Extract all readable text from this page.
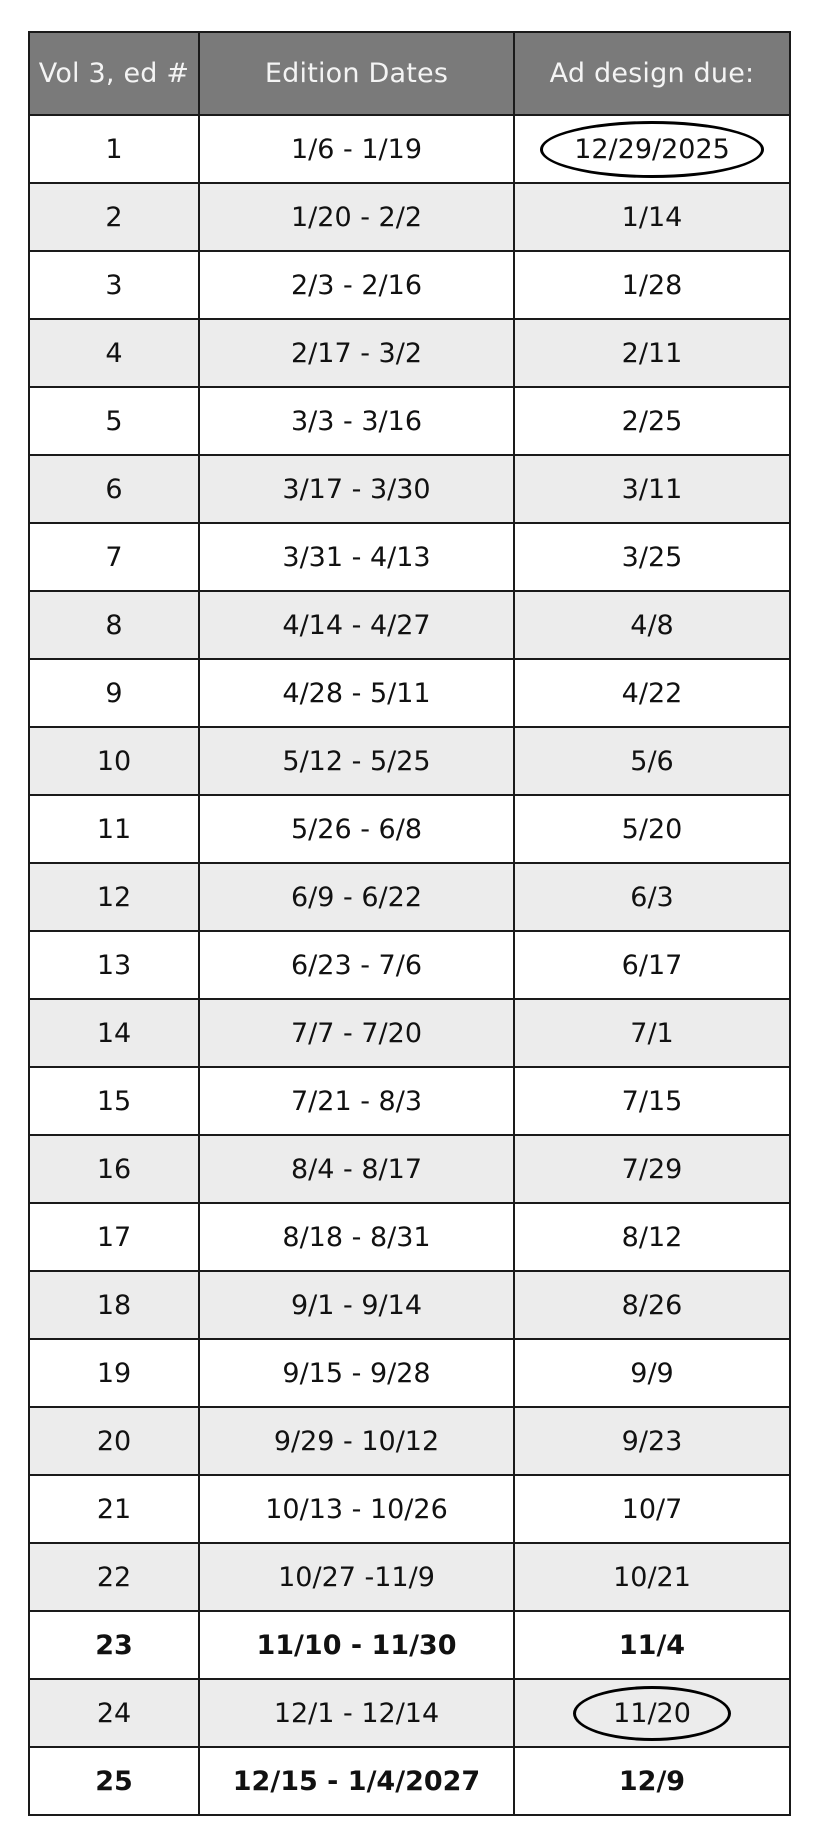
Vol 3, ed #	Edition Dates	Ad design due:
1	1/6 - 1/19	12/29/2025

2	1/20 - 2/2	1/14
3	2/3 - 2/16	1/28
4	2/17 - 3/2	2/11
5	3/3 - 3/16	2/25
6	3/17 - 3/30	3/11
7	3/31 - 4/13	3/25
8	4/14 - 4/27	4/8
9	4/28 - 5/11	4/22
10	5/12 - 5/25	5/6
11	5/26 - 6/8	5/20
12	6/9 - 6/22	6/3
13	6/23 - 7/6	6/17
14	7/7 - 7/20	7/1
15	7/21 - 8/3	7/15
16	8/4 - 8/17	7/29
17	8/18 - 8/31	8/12
18	9/1 - 9/14	8/26
19	9/15 - 9/28	9/9
20	9/29 - 10/12	9/23
21	10/13 - 10/26	10/7
22	10/27 -11/9	10/21
23	11/10 - 11/30	11/4
24	12/1 - 12/14	11/20

25	12/15 - 1/4/2027	12/9
